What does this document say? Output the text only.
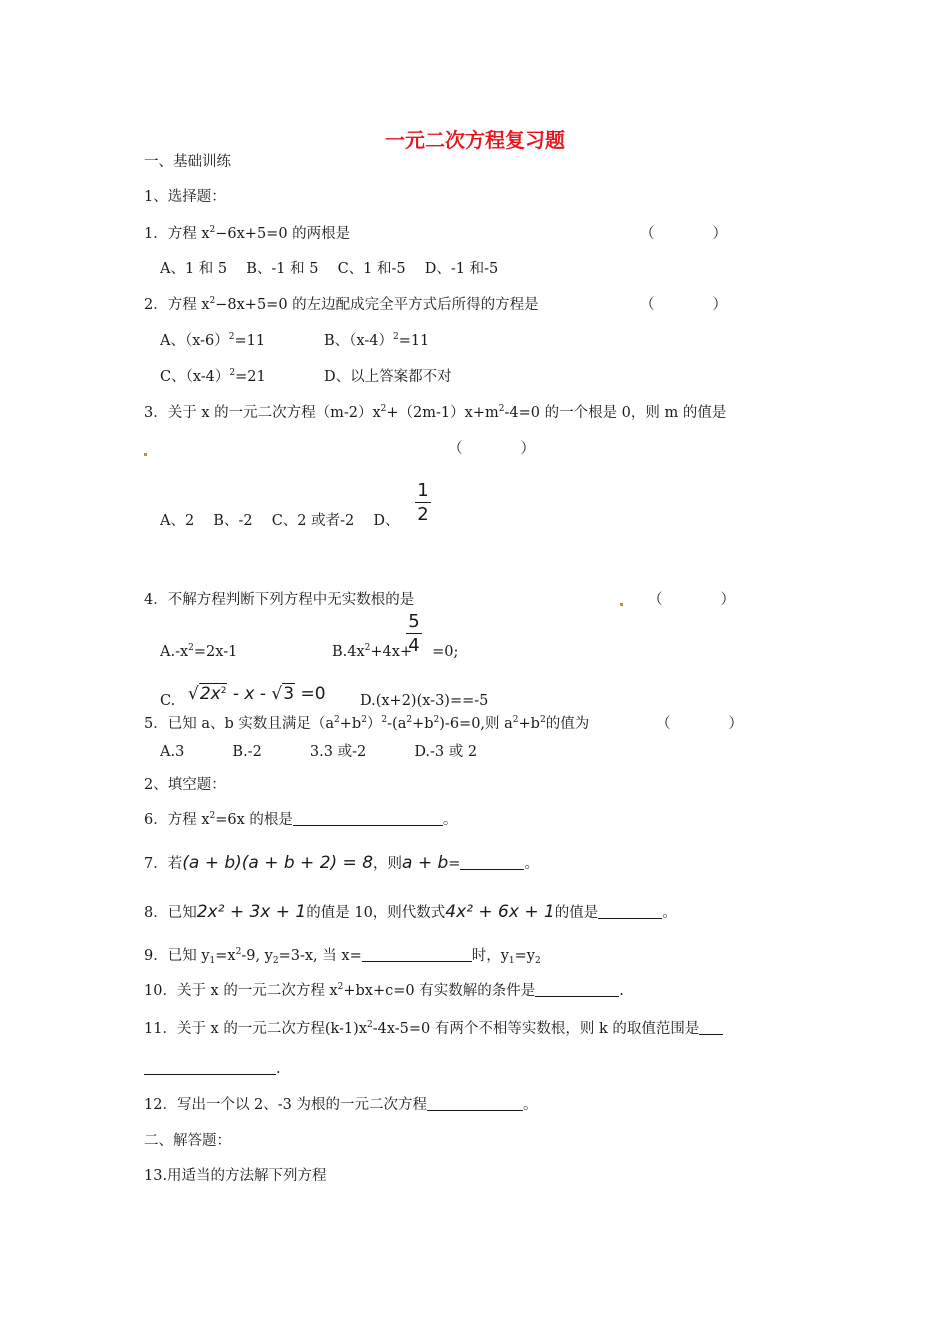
一元二次方程复习题
一、基础训练
1、选择题：
1．方程 $x^2-6x+5=0$ 的两根是	（　　　　）
A、1 和 5　 B、-1 和 5　 C、1 和-5　 D、-1 和-5
2．方程 $x^2-8x+5=0$ 的左边配成完全平方式后所得的方程是	（　　　　）
A、$(x-6)^2=11$	B、$(x-4)^2=11$
C、$(x-4)^2=21$	D、以上答案都不对
3．关于 x 的一元二次方程$(m-2)x^2+(2m-1)x+m^2-4=0$ 的一个根是 0，则 m 的值是
（　　　　）
A、2　 B、-2　 C、2 或者-2　 D、
1
2
4．不解方程判断下列方程中无实数根的是	（　　　　）
$A.-x^2=2x-1$	$B.4x^2+4x+ =0$;
5
4
C. $√2x^2 - x - √3 =0$ D.(x+2)(x-3)==-5
5．已知 a、b 实数且满足$(a^2+b^2)^2-(a^2+b^2)-6=0$,则 $a^2+b^2$的值为	（　　　　）
A.3　　　 B.-2　　　 3.3 或-2　　　 D.-3 或 2
2、填空题：
6．方程 $x^2=6x$ 的根是	。
7．若(a + b)(a + b + 2) = 8，则a + b=	。
8．已知2x² + 3x + 1的值是 10，则代数式4x² + 6x + 1的值是	。
9．已知 $y_1=x^2-9$, $y_2=3-x$, 当 x=	时，$y_1=y_2$
10．关于 x 的一元二次方程 $x^2+bx+c=0$ 有实数解的条件是	.
11．关于 x 的一元二次方程$(k-1)x^2-4x-5=0$ 有两个不相等实数根，则 k 的取值范围是
.
12．写出一个以 2、-3 为根的一元二次方程	。
二、解答题：
13.用适当的方法解下列方程
